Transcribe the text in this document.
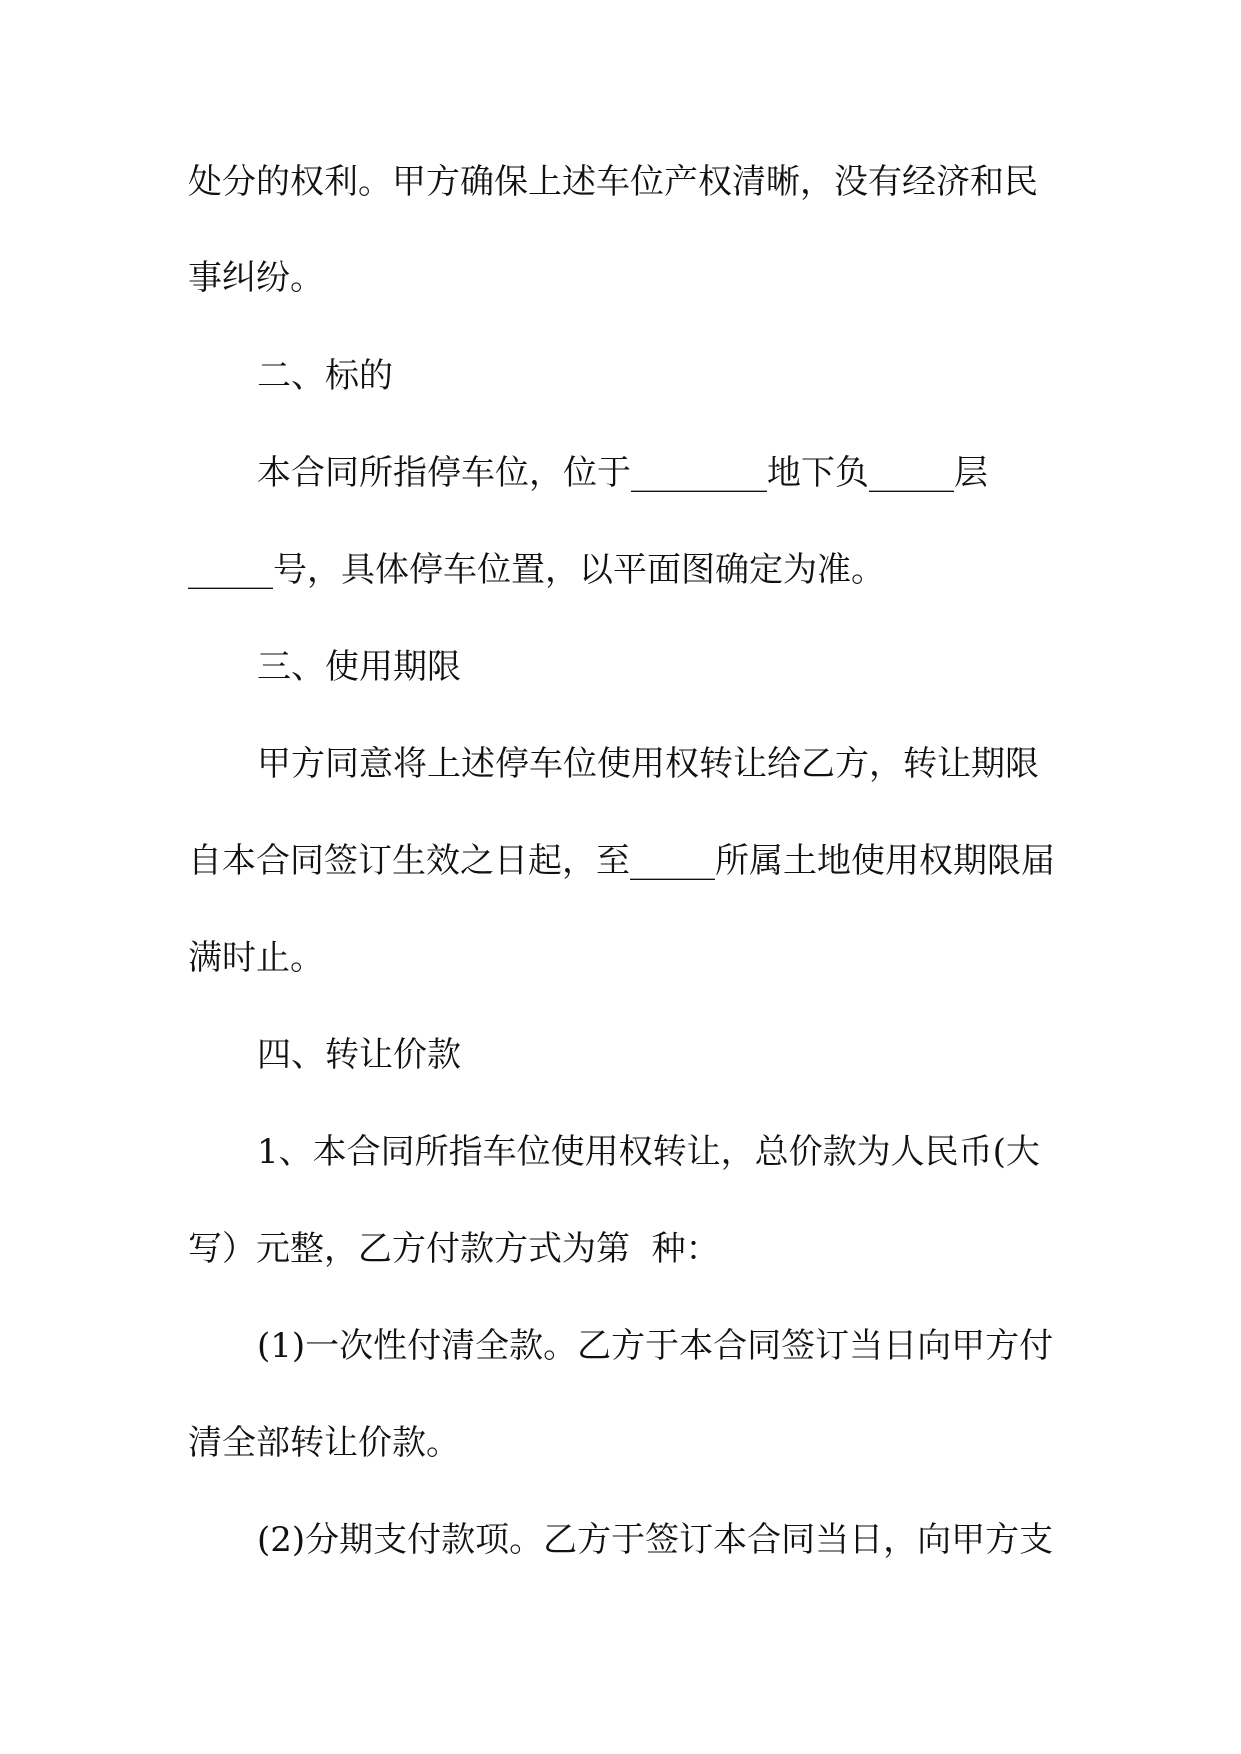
处分的权利。甲方确保上述车位产权清晰，没有经济和民
事纠纷。
二、标的
本合同所指停车位，位于________地下负_____层
_____号，具体停车位置，以平面图确定为准。
三、使用期限
甲方同意将上述停车位使用权转让给乙方，转让期限
自本合同签订生效之日起，至_____所属土地使用权期限届
满时止。
四、转让价款
1、本合同所指车位使用权转让，总价款为人民币(大
写）元整，乙方付款方式为第  种：
(1)一次性付清全款。乙方于本合同签订当日向甲方付
清全部转让价款。
(2)分期支付款项。乙方于签订本合同当日，向甲方支
